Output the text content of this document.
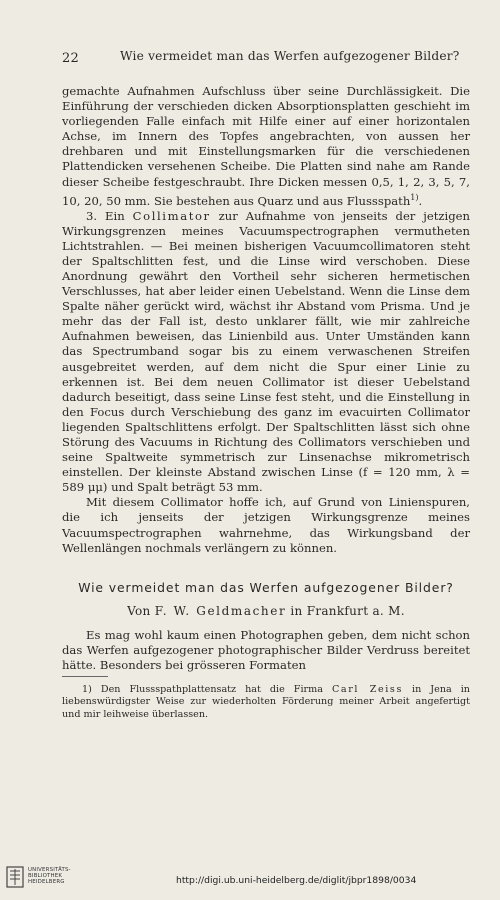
22	Wie vermeidet man das Werfen aufgezogener Bilder?

gemachte Aufnahmen Aufschluss über seine Durchlässigkeit. Die Einführung der verschieden dicken Absorptionsplatten geschieht im vorliegenden Falle einfach mit Hilfe einer auf einer horizontalen Achse, im Innern des Topfes angebrachten, von aussen her drehbaren und mit Einstellungsmarken für die verschiedenen Plattendicken versehenen Scheibe. Die Platten sind nahe am Rande dieser Scheibe festgeschraubt. Ihre Dicken messen 0,5, 1, 2, 3, 5, 7, 10, 20, 50 mm. Sie bestehen aus Quarz und aus Flussspath$^{1)}$.

3. Ein Collimator zur Aufnahme von jenseits der jetzigen Wirkungsgrenzen meines Vacuumspectrographen vermutheten Lichtstrahlen. — Bei meinen bisherigen Vacuumcollimatoren steht der Spaltschlitten fest, und die Linse wird verschoben. Diese Anordnung gewährt den Vortheil sehr sicheren hermetischen Verschlusses, hat aber leider einen Uebelstand. Wenn die Linse dem Spalte näher gerückt wird, wächst ihr Abstand vom Prisma. Und je mehr das der Fall ist, desto unklarer fällt, wie mir zahlreiche Aufnahmen beweisen, das Linienbild aus. Unter Umständen kann das Spectrumband sogar bis zu einem verwaschenen Streifen ausgebreitet werden, auf dem nicht die Spur einer Linie zu erkennen ist. Bei dem neuen Collimator ist dieser Uebelstand dadurch beseitigt, dass seine Linse fest steht, und die Einstellung in den Focus durch Verschiebung des ganz im evacuirten Collimator liegenden Spaltschlittens erfolgt. Der Spaltschlitten lässt sich ohne Störung des Vacuums in Richtung des Collimators verschieben und seine Spaltweite symmetrisch zur Linsenachse mikrometrisch einstellen. Der kleinste Abstand zwischen Linse (f = 120 mm, λ = 589 μμ) und Spalt beträgt 53 mm.

Mit diesem Collimator hoffe ich, auf Grund von Linienspuren, die ich jenseits der jetzigen Wirkungsgrenze meines Vacuumspectrographen wahrnehme, das Wirkungsband der Wellenlängen nochmals verlängern zu können.

Wie vermeidet man das Werfen aufgezogener Bilder?
Von F. W. Geldmacher in Frankfurt a. M.

Es mag wohl kaum einen Photographen geben, dem nicht schon das Werfen aufgezogener photographischer Bilder Verdruss bereitet hätte. Besonders bei grösseren Formaten

1) Den Flussspathplattensatz hat die Firma Carl Zeiss in Jena in liebenswürdigster Weise zur wiederholten Förderung meiner Arbeit angefertigt und mir leihweise überlassen.

UNIVERSITÄTS-
BIBLIOTHEK
HEIDELBERG	http://digi.ub.uni-heidelberg.de/diglit/jbpr1898/0034
